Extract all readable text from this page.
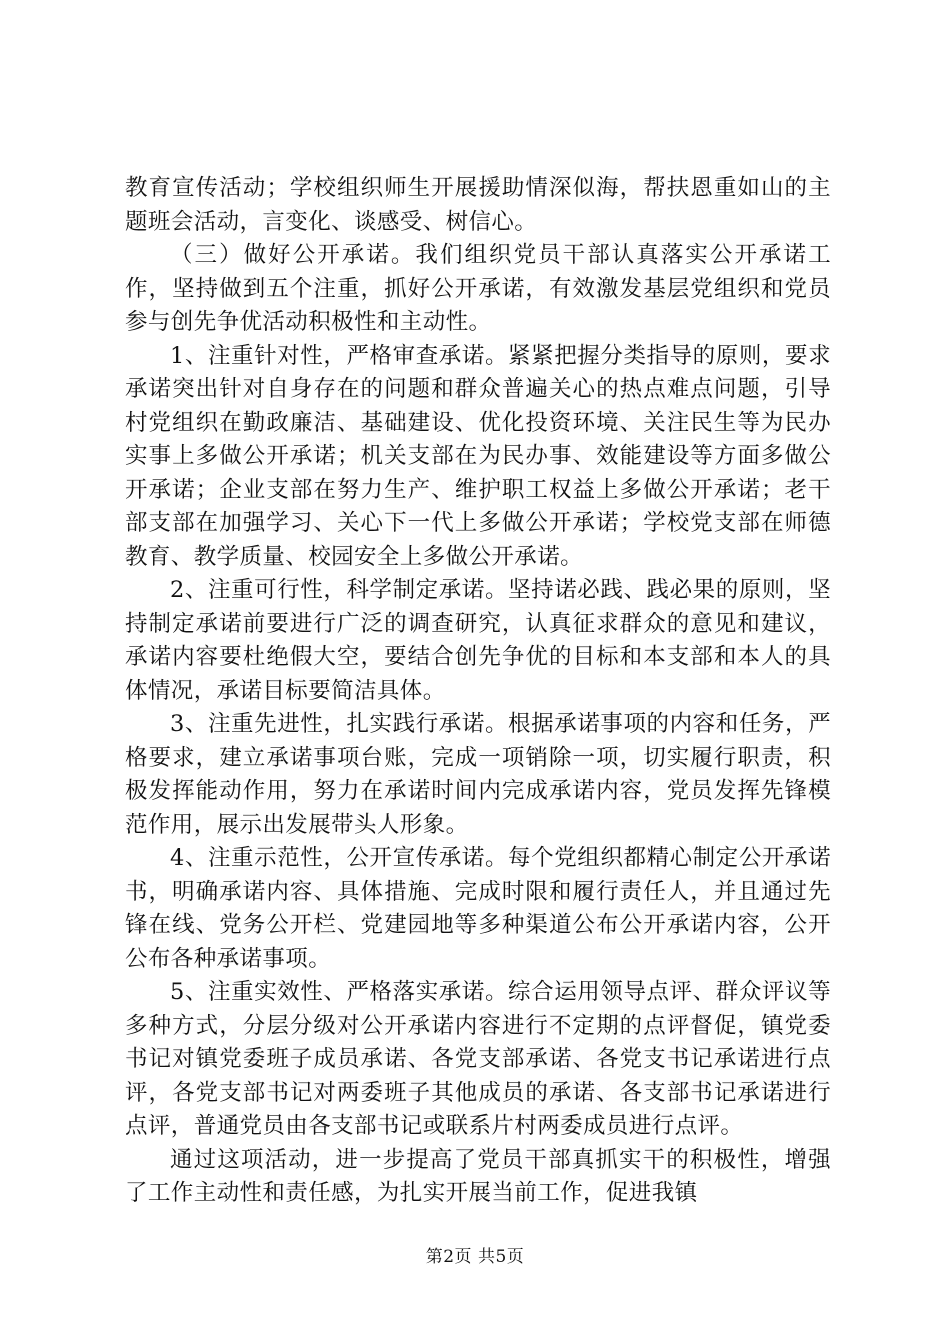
教育宣传活动；学校组织师生开展援助情深似海，帮扶恩重如山的主题班会活动，言变化、谈感受、树信心。

（三）做好公开承诺。我们组织党员干部认真落实公开承诺工作，坚持做到五个注重，抓好公开承诺，有效激发基层党组织和党员参与创先争优活动积极性和主动性。

1、注重针对性，严格审查承诺。紧紧把握分类指导的原则，要求承诺突出针对自身存在的问题和群众普遍关心的热点难点问题，引导村党组织在勤政廉洁、基础建设、优化投资环境、关注民生等为民办实事上多做公开承诺；机关支部在为民办事、效能建设等方面多做公开承诺；企业支部在努力生产、维护职工权益上多做公开承诺；老干部支部在加强学习、关心下一代上多做公开承诺；学校党支部在师德教育、教学质量、校园安全上多做公开承诺。

2、注重可行性，科学制定承诺。坚持诺必践、践必果的原则，坚持制定承诺前要进行广泛的调查研究，认真征求群众的意见和建议，承诺内容要杜绝假大空，要结合创先争优的目标和本支部和本人的具体情况，承诺目标要简洁具体。

3、注重先进性，扎实践行承诺。根据承诺事项的内容和任务，严格要求，建立承诺事项台账，完成一项销除一项，切实履行职责，积极发挥能动作用，努力在承诺时间内完成承诺内容，党员发挥先锋模范作用，展示出发展带头人形象。

4、注重示范性，公开宣传承诺。每个党组织都精心制定公开承诺书，明确承诺内容、具体措施、完成时限和履行责任人，并且通过先锋在线、党务公开栏、党建园地等多种渠道公布公开承诺内容，公开公布各种承诺事项。

5、注重实效性、严格落实承诺。综合运用领导点评、群众评议等多种方式，分层分级对公开承诺内容进行不定期的点评督促，镇党委书记对镇党委班子成员承诺、各党支部承诺、各党支书记承诺进行点评，各党支部书记对两委班子其他成员的承诺、各支部书记承诺进行点评，普通党员由各支部书记或联系片村两委成员进行点评。

通过这项活动，进一步提高了党员干部真抓实干的积极性，增强了工作主动性和责任感，为扎实开展当前工作，促进我镇

第2页 共5页
